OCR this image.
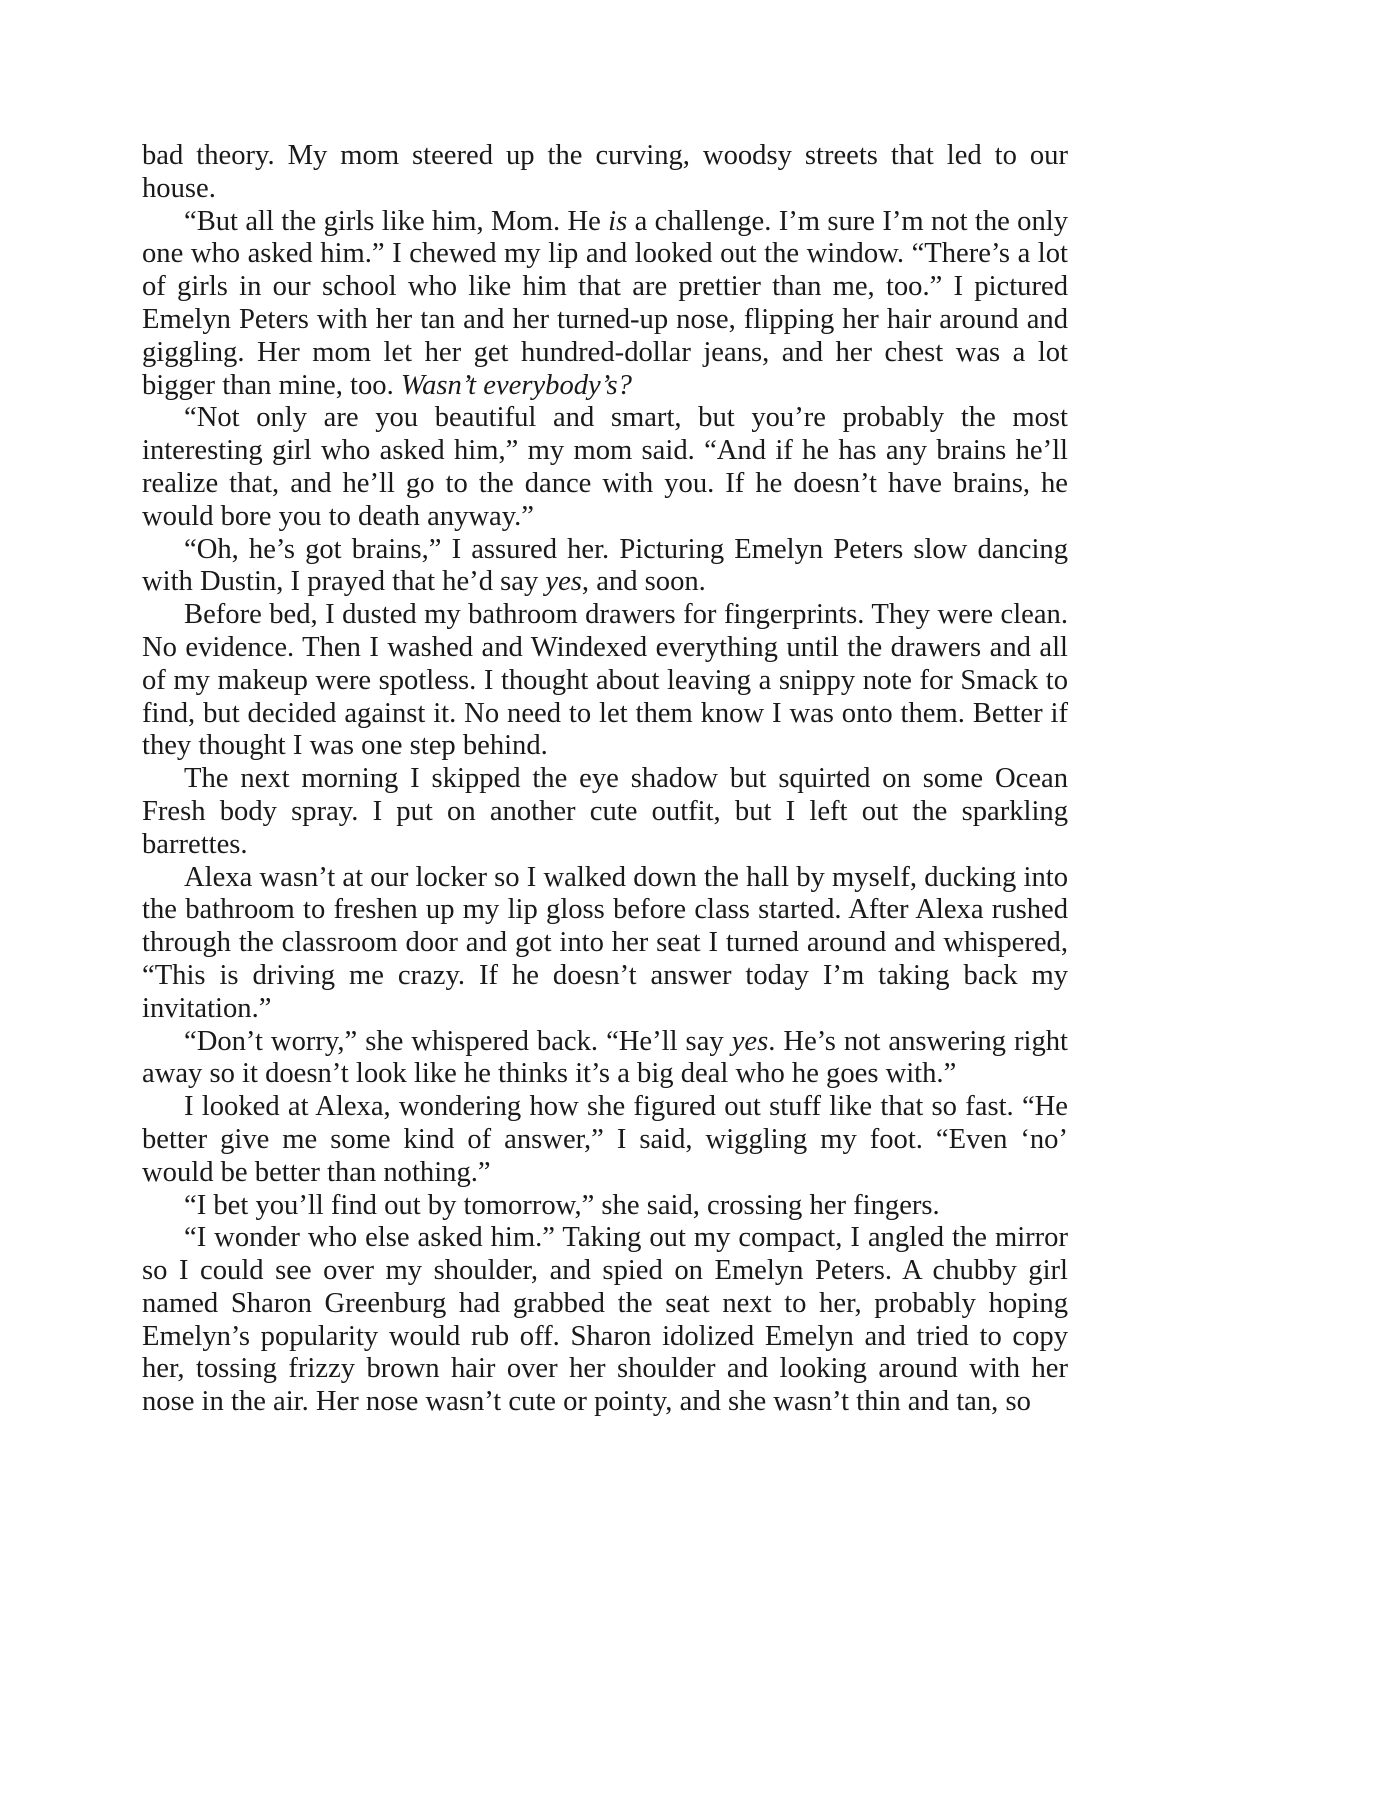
bad theory. My mom steered up the curving, woodsy streets that led to our house.

“But all the girls like him, Mom. He is a challenge. I’m sure I’m not the only one who asked him.” I chewed my lip and looked out the window. “There’s a lot of girls in our school who like him that are prettier than me, too.” I pictured Emelyn Peters with her tan and her turned-up nose, flipping her hair around and giggling. Her mom let her get hundred-dollar jeans, and her chest was a lot bigger than mine, too. Wasn’t everybody’s?

“Not only are you beautiful and smart, but you’re probably the most interesting girl who asked him,” my mom said. “And if he has any brains he’ll realize that, and he’ll go to the dance with you. If he doesn’t have brains, he would bore you to death anyway.”

“Oh, he’s got brains,” I assured her. Picturing Emelyn Peters slow dancing with Dustin, I prayed that he’d say yes, and soon.

Before bed, I dusted my bathroom drawers for fingerprints. They were clean. No evidence. Then I washed and Windexed everything until the drawers and all of my makeup were spotless. I thought about leaving a snippy note for Smack to find, but decided against it. No need to let them know I was onto them. Better if they thought I was one step behind.

The next morning I skipped the eye shadow but squirted on some Ocean Fresh body spray. I put on another cute outfit, but I left out the sparkling barrettes.

Alexa wasn’t at our locker so I walked down the hall by myself, ducking into the bathroom to freshen up my lip gloss before class started. After Alexa rushed through the classroom door and got into her seat I turned around and whispered, “This is driving me crazy. If he doesn’t answer today I’m taking back my invitation.”

“Don’t worry,” she whispered back. “He’ll say yes. He’s not answering right away so it doesn’t look like he thinks it’s a big deal who he goes with.”

I looked at Alexa, wondering how she figured out stuff like that so fast. “He better give me some kind of answer,” I said, wiggling my foot. “Even ‘no’ would be better than nothing.”

“I bet you’ll find out by tomorrow,” she said, crossing her fingers.

“I wonder who else asked him.” Taking out my compact, I angled the mirror so I could see over my shoulder, and spied on Emelyn Peters. A chubby girl named Sharon Greenburg had grabbed the seat next to her, probably hoping Emelyn’s popularity would rub off. Sharon idolized Emelyn and tried to copy her, tossing frizzy brown hair over her shoulder and looking around with her nose in the air. Her nose wasn’t cute or pointy, and she wasn’t thin and tan, so
